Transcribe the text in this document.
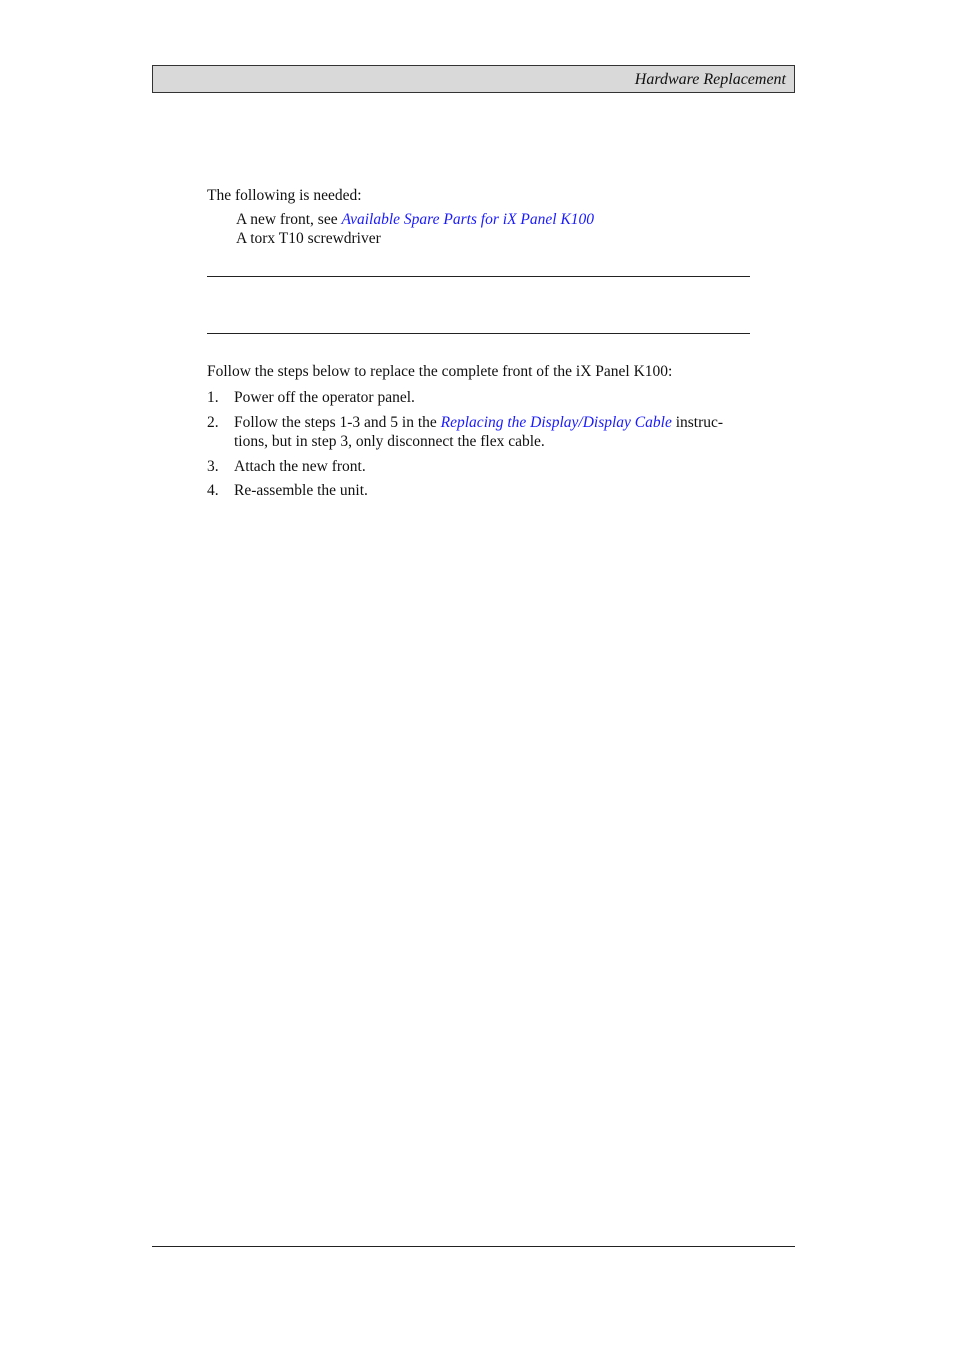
Hardware Replacement
The following is needed:
A new front, see Available Spare Parts for iX Panel K100
A torx T10 screwdriver
Follow the steps below to replace the complete front of the iX Panel K100:
1. Power off the operator panel.
2. Follow the steps 1-3 and 5 in the Replacing the Display/Display Cable instruc-
tions, but in step 3, only disconnect the flex cable.
3. Attach the new front.
4. Re-assemble the unit.
